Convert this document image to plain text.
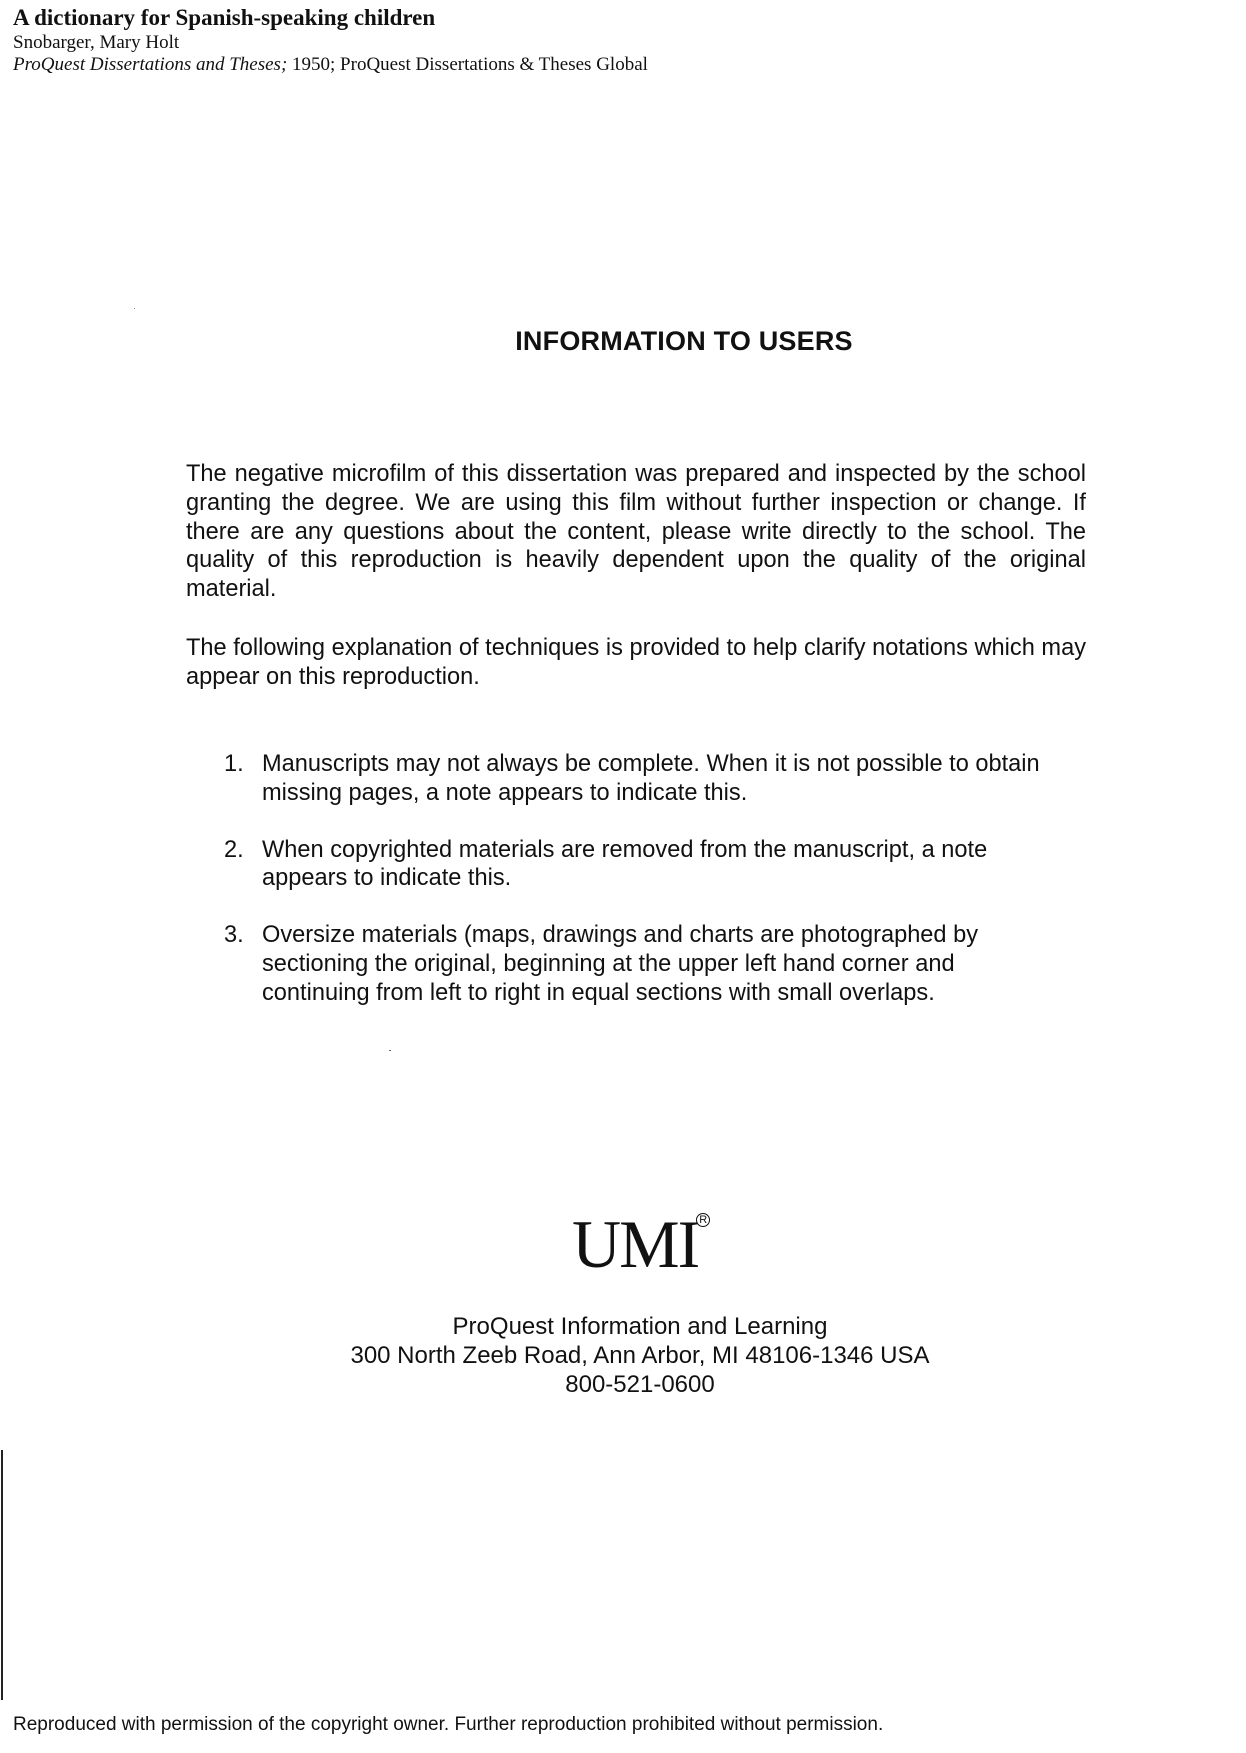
A dictionary for Spanish-speaking children
Snobarger, Mary Holt
ProQuest Dissertations and Theses; 1950; ProQuest Dissertations & Theses Global
INFORMATION TO USERS

The negative microfilm of this dissertation was prepared and inspected by the school granting the degree. We are using this film without further inspection or change. If there are any questions about the content, please write directly to the school. The quality of this reproduction is heavily dependent upon the quality of the original material.

The following explanation of techniques is provided to help clarify notations which may appear on this reproduction.

1. Manuscripts may not always be complete. When it is not possible to obtain missing pages, a note appears to indicate this.
2. When copyrighted materials are removed from the manuscript, a note appears to indicate this.
3. Oversize materials (maps, drawings and charts are photographed by sectioning the original, beginning at the upper left hand corner and continuing from left to right in equal sections with small overlaps.
UMI R
ProQuest Information and Learning
300 North Zeeb Road, Ann Arbor, MI 48106-1346 USA
800-521-0600
Reproduced with permission of the copyright owner. Further reproduction prohibited without permission.
